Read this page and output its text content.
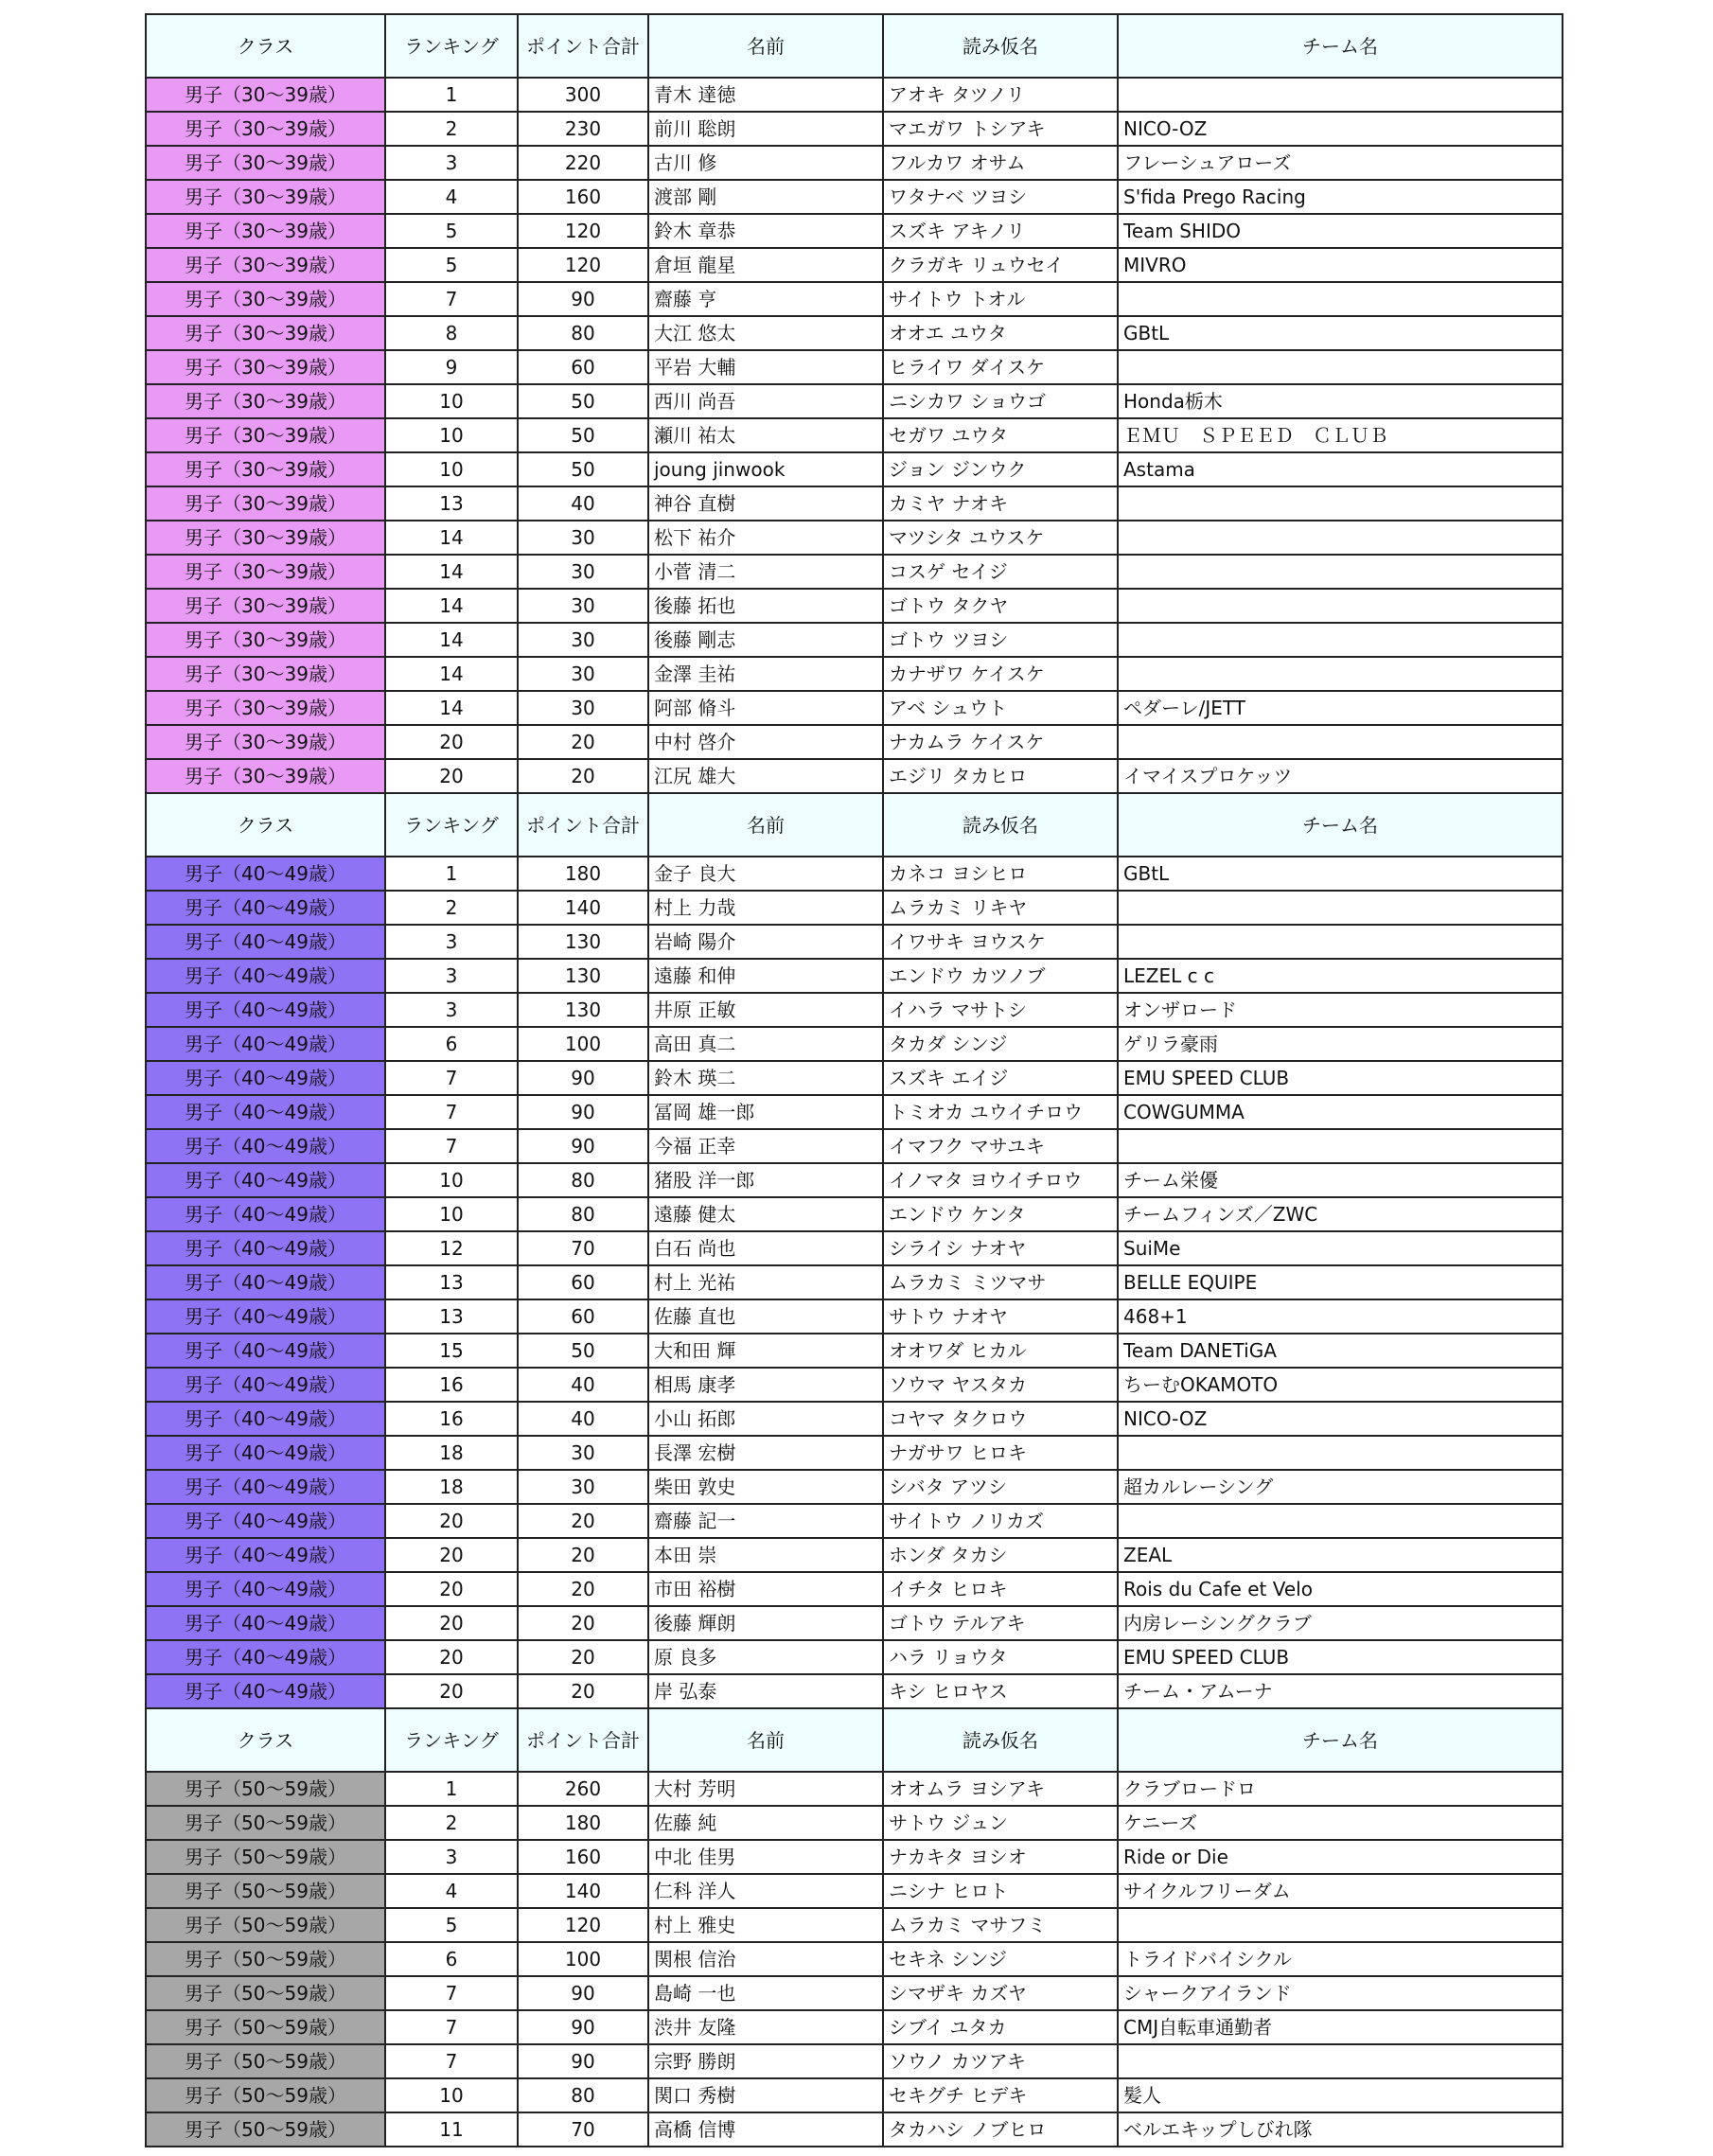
クラス	ランキング	ポイント合計	名前	読み仮名	チーム名
男子（30〜39歳）	1	300	青木 達徳	アオキ タツノリ	
男子（30〜39歳）	2	230	前川 聡朗	マエガワ トシアキ	NICO-OZ
男子（30〜39歳）	3	220	古川 修	フルカワ オサム	フレーシュアローズ
男子（30〜39歳）	4	160	渡部 剛	ワタナベ ツヨシ	S'fida Prego Racing
男子（30〜39歳）	5	120	鈴木 章恭	スズキ アキノリ	Team SHIDO
男子（30〜39歳）	5	120	倉垣 龍星	クラガキ リュウセイ	MIVRO
男子（30〜39歳）	7	90	齋藤 亨	サイトウ トオル	
男子（30〜39歳）	8	80	大江 悠太	オオエ ユウタ	GBtL
男子（30〜39歳）	9	60	平岩 大輔	ヒライワ ダイスケ	
男子（30〜39歳）	10	50	西川 尚吾	ニシカワ ショウゴ	Honda栃木
男子（30〜39歳）	10	50	瀬川 祐太	セガワ ユウタ	ＥＭＵ　ＳＰＥＥＤ　ＣＬＵＢ
男子（30〜39歳）	10	50	joung jinwook	ジョン ジンウク	Astama
男子（30〜39歳）	13	40	神谷 直樹	カミヤ ナオキ	
男子（30〜39歳）	14	30	松下 祐介	マツシタ ユウスケ	
男子（30〜39歳）	14	30	小菅 清二	コスゲ セイジ	
男子（30〜39歳）	14	30	後藤 拓也	ゴトウ タクヤ	
男子（30〜39歳）	14	30	後藤 剛志	ゴトウ ツヨシ	
男子（30〜39歳）	14	30	金澤 圭祐	カナザワ ケイスケ	
男子（30〜39歳）	14	30	阿部 脩斗	アベ シュウト	ペダーレ/JETT
男子（30〜39歳）	20	20	中村 啓介	ナカムラ ケイスケ	
男子（30〜39歳）	20	20	江尻 雄大	エジリ タカヒロ	イマイスプロケッツ
クラス	ランキング	ポイント合計	名前	読み仮名	チーム名
男子（40〜49歳）	1	180	金子 良大	カネコ ヨシヒロ	GBtL
男子（40〜49歳）	2	140	村上 力哉	ムラカミ リキヤ	
男子（40〜49歳）	3	130	岩崎 陽介	イワサキ ヨウスケ	
男子（40〜49歳）	3	130	遠藤 和伸	エンドウ カツノブ	LEZEL c c
男子（40〜49歳）	3	130	井原 正敏	イハラ マサトシ	オンザロード
男子（40〜49歳）	6	100	高田 真二	タカダ シンジ	ゲリラ豪雨
男子（40〜49歳）	7	90	鈴木 瑛二	スズキ エイジ	EMU SPEED CLUB
男子（40〜49歳）	7	90	冨岡 雄一郎	トミオカ ユウイチロウ	COWGUMMA
男子（40〜49歳）	7	90	今福 正幸	イマフク マサユキ	
男子（40〜49歳）	10	80	猪股 洋一郎	イノマタ ヨウイチロウ	チーム栄優
男子（40〜49歳）	10	80	遠藤 健太	エンドウ ケンタ	チームフィンズ／ZWC
男子（40〜49歳）	12	70	白石 尚也	シライシ ナオヤ	SuiMe
男子（40〜49歳）	13	60	村上 光祐	ムラカミ ミツマサ	BELLE EQUIPE
男子（40〜49歳）	13	60	佐藤 直也	サトウ ナオヤ	468+1
男子（40〜49歳）	15	50	大和田 輝	オオワダ ヒカル	Team DANETiGA
男子（40〜49歳）	16	40	相馬 康孝	ソウマ ヤスタカ	ちーむOKAMOTO
男子（40〜49歳）	16	40	小山 拓郎	コヤマ タクロウ	NICO-OZ
男子（40〜49歳）	18	30	長澤 宏樹	ナガサワ ヒロキ	
男子（40〜49歳）	18	30	柴田 敦史	シバタ アツシ	超カルレーシング
男子（40〜49歳）	20	20	齋藤 記一	サイトウ ノリカズ	
男子（40〜49歳）	20	20	本田 崇	ホンダ タカシ	ZEAL
男子（40〜49歳）	20	20	市田 裕樹	イチタ ヒロキ	Rois du Cafe et Velo
男子（40〜49歳）	20	20	後藤 輝朗	ゴトウ テルアキ	内房レーシングクラブ
男子（40〜49歳）	20	20	原 良多	ハラ リョウタ	EMU SPEED CLUB
男子（40〜49歳）	20	20	岸 弘泰	キシ ヒロヤス	チーム・アムーナ
クラス	ランキング	ポイント合計	名前	読み仮名	チーム名
男子（50〜59歳）	1	260	大村 芳明	オオムラ ヨシアキ	クラブロードロ
男子（50〜59歳）	2	180	佐藤 純	サトウ ジュン	ケニーズ
男子（50〜59歳）	3	160	中北 佳男	ナカキタ ヨシオ	Ride or Die
男子（50〜59歳）	4	140	仁科 洋人	ニシナ ヒロト	サイクルフリーダム
男子（50〜59歳）	5	120	村上 雅史	ムラカミ マサフミ	
男子（50〜59歳）	6	100	関根 信治	セキネ シンジ	トライドバイシクル
男子（50〜59歳）	7	90	島崎 一也	シマザキ カズヤ	シャークアイランド
男子（50〜59歳）	7	90	渋井 友隆	シブイ ユタカ	CMJ自転車通勤者
男子（50〜59歳）	7	90	宗野 勝朗	ソウノ カツアキ	
男子（50〜59歳）	10	80	関口 秀樹	セキグチ ヒデキ	髪人
男子（50〜59歳）	11	70	高橋 信博	タカハシ ノブヒロ	ベルエキップしびれ隊
